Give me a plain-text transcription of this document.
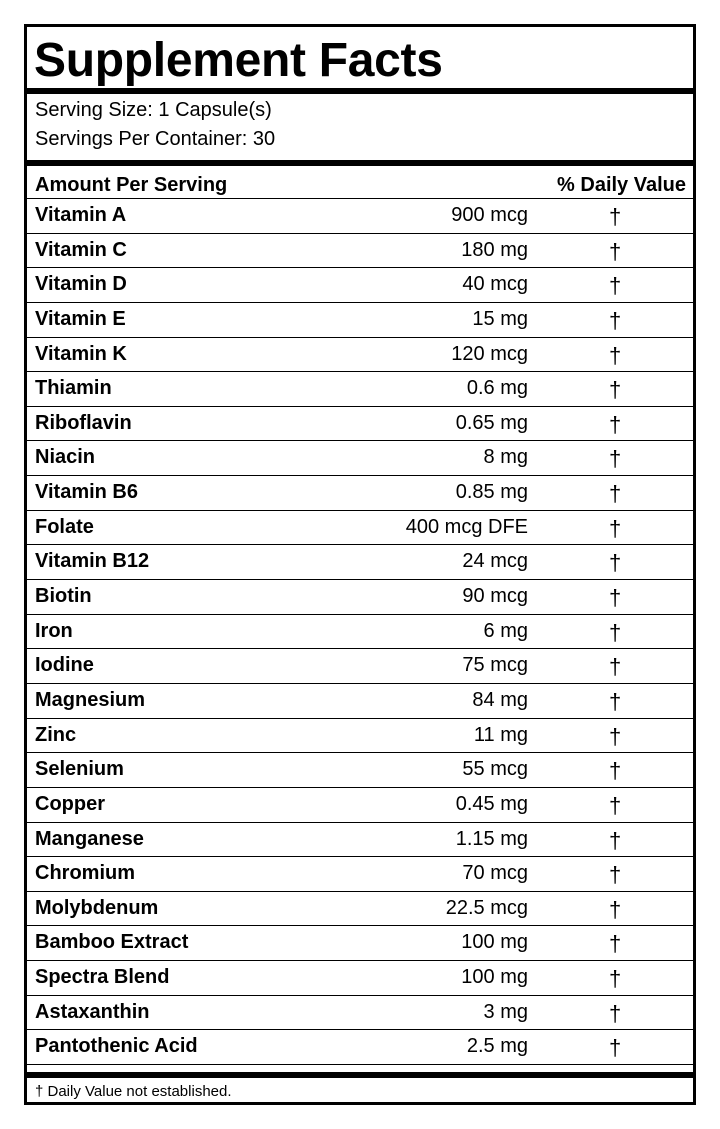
Supplement Facts
Serving Size: 1 Capsule(s)
Servings Per Container: 30
Amount Per Serving	% Daily Value
Vitamin A	900 mcg	†
Vitamin C	180 mg	†
Vitamin D	40 mcg	†
Vitamin E	15 mg	†
Vitamin K	120 mcg	†
Thiamin	0.6 mg	†
Riboflavin	0.65 mg	†
Niacin	8 mg	†
Vitamin B6	0.85 mg	†
Folate	400 mcg DFE	†
Vitamin B12	24 mcg	†
Biotin	90 mcg	†
Iron	6 mg	†
Iodine	75 mcg	†
Magnesium	84 mg	†
Zinc	11 mg	†
Selenium	55 mcg	†
Copper	0.45 mg	†
Manganese	1.15 mg	†
Chromium	70 mcg	†
Molybdenum	22.5 mcg	†
Bamboo Extract	100 mg	†
Spectra Blend	100 mg	†
Astaxanthin	3 mg	†
Pantothenic Acid	2.5 mg	†
† Daily Value not established.
